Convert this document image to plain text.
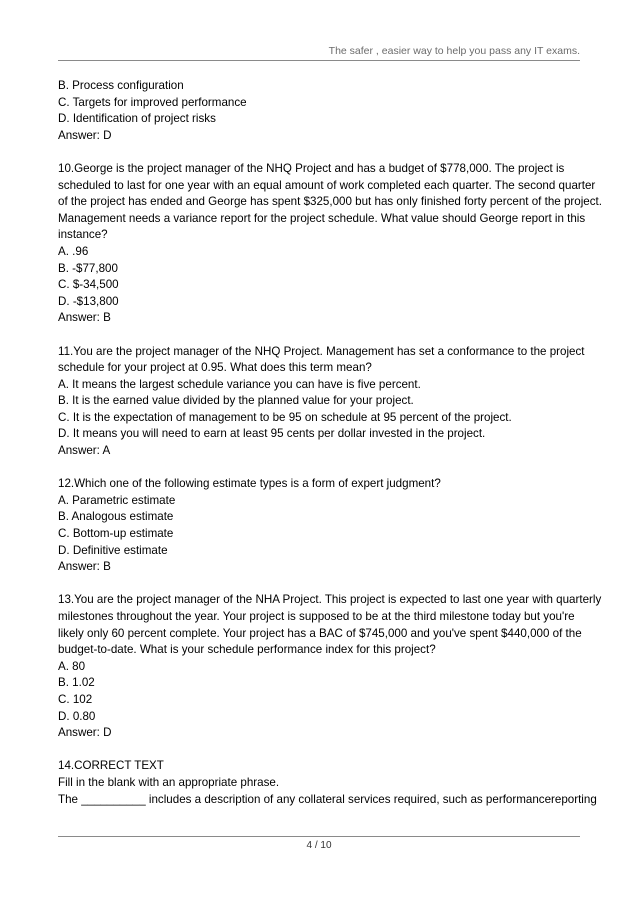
The safer , easier way to help you pass any IT exams.
B. Process configuration
C. Targets for improved performance
D. Identification of project risks
Answer: D
10.George is the project manager of the NHQ Project and has a budget of $778,000. The project is
scheduled to last for one year with an equal amount of work completed each quarter. The second quarter
of the project has ended and George has spent $325,000 but has only finished forty percent of the project.
Management needs a variance report for the project schedule. What value should George report in this
instance?
A. .96
B. -$77,800
C. $-34,500
D. -$13,800
Answer: B
11.You are the project manager of the NHQ Project. Management has set a conformance to the project
schedule for your project at 0.95. What does this term mean?
A. It means the largest schedule variance you can have is five percent.
B. It is the earned value divided by the planned value for your project.
C. It is the expectation of management to be 95 on schedule at 95 percent of the project.
D. It means you will need to earn at least 95 cents per dollar invested in the project.
Answer: A
12.Which one of the following estimate types is a form of expert judgment?
A. Parametric estimate
B. Analogous estimate
C. Bottom-up estimate
D. Definitive estimate
Answer: B
13.You are the project manager of the NHA Project. This project is expected to last one year with quarterly
milestones throughout the year. Your project is supposed to be at the third milestone today but you're
likely only 60 percent complete. Your project has a BAC of $745,000 and you've spent $440,000 of the
budget-to-date. What is your schedule performance index for this project?
A. 80
B. 1.02
C. 102
D. 0.80
Answer: D
14.CORRECT TEXT
Fill in the blank with an appropriate phrase.
The __________ includes a description of any collateral services required, such as performancereporting
4 / 10
